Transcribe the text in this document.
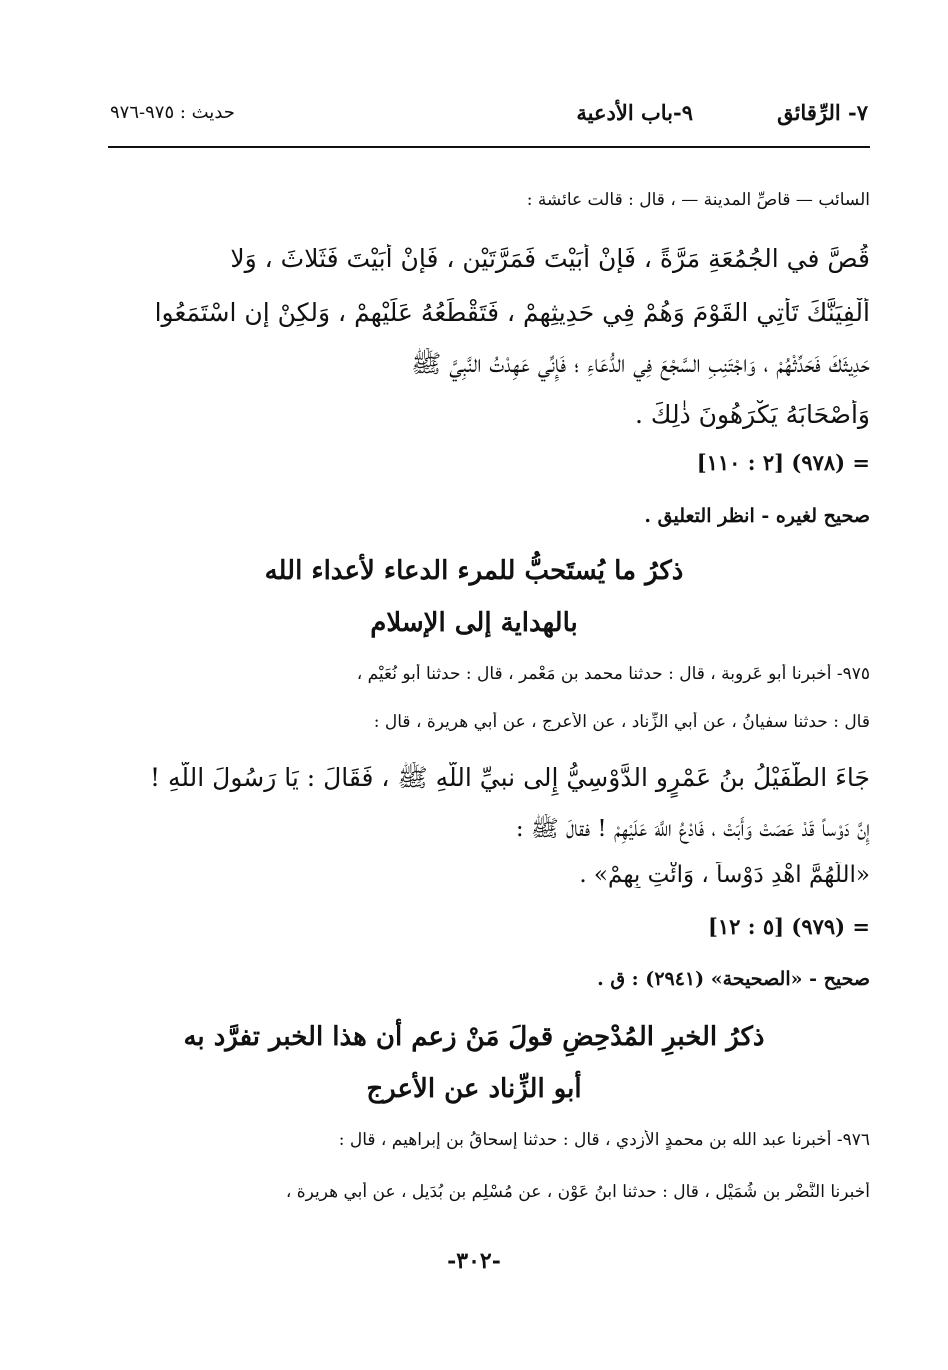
٧- الرِّقائق
٩-باب الأدعية
حديث : ٩٧٥-٩٧٦
السائب — قاصِّ المدينة — ، قال : قالت عائشة :
قُصَّ في الجُمُعَةِ مَرَّةً ، فَإِنْ أَبَيْتَ فَمَرَّتَيْنِ ، فَإِنْ أَبَيْتَ فَثَلاثَ ، وَلا
أُلْفِيَنَّكَ تَأْتِي القَوْمَ وَهُمْ فِي حَدِيثِهِمْ ، فَتَقْطَعُهُ عَلَيْهِمْ ، وَلكِنْ إِن اسْتَمَعُوا
حَدِيثَكَ فَحَدِّثْهُمْ ، وَاجْتَنِبِ السَّجْعَ فِي الدُّعَاءِ ؛ فَإِنِّي عَهِدْتُ النَّبِيَّ ﷺ
وَأَصْحَابَهُ يَكْرَهُونَ ذٰلِكَ .
= (٩٧٨) [٢ : ١١٠]
صحيح لغيره - انظر التعليق .
ذكرُ ما يُستَحبُّ للمرء الدعاء لأعداء الله
بالهداية إلى الإسلام
٩٧٥- أخبرنا أبو عَروبة ، قال : حدثنا محمد بن مَعْمر ، قال : حدثنا أبو نُعَيْم ،
قال : حدثنا سفيانُ ، عن أبي الزِّناد ، عن الأعرج ، عن أبي هريرة ، قال :
جَاءَ الطُّفَيْلُ بنُ عَمْرٍو الدَّوْسِيُّ إِلى نبيِّ اللَّهِ ﷺ ، فَقَالَ : يَا رَسُولَ اللَّهِ !
إِنَّ دَوْساً قَدْ عَصَتْ وَأَبَتْ ، فَادْعُ اللَّهَ عَلَيْهِمْ ! فقالَ ﷺ :
«اللَّهُمَّ اهْدِ دَوْساً ، وَائْتِ بِهِمْ» .
= (٩٧٩) [٥ : ١٢]
صحيح - «الصحيحة» (٢٩٤١) : ق .
ذكرُ الخبرِ المُدْحِضِ قولَ مَنْ زعم أن هذا الخبر تفرَّد به
أبو الزِّناد عن الأعرج
٩٧٦- أخبرنا عبد الله بن محمدٍ الأزدي ، قال : حدثنا إسحاقُ بن إبراهيم ، قال :
أخبرنا النَّضْر بن شُمَيْل ، قال : حدثنا ابنُ عَوْن ، عن مُسْلِمِ بن بُدَيل ، عن أبي هريرة ،
-٣٠٢-
